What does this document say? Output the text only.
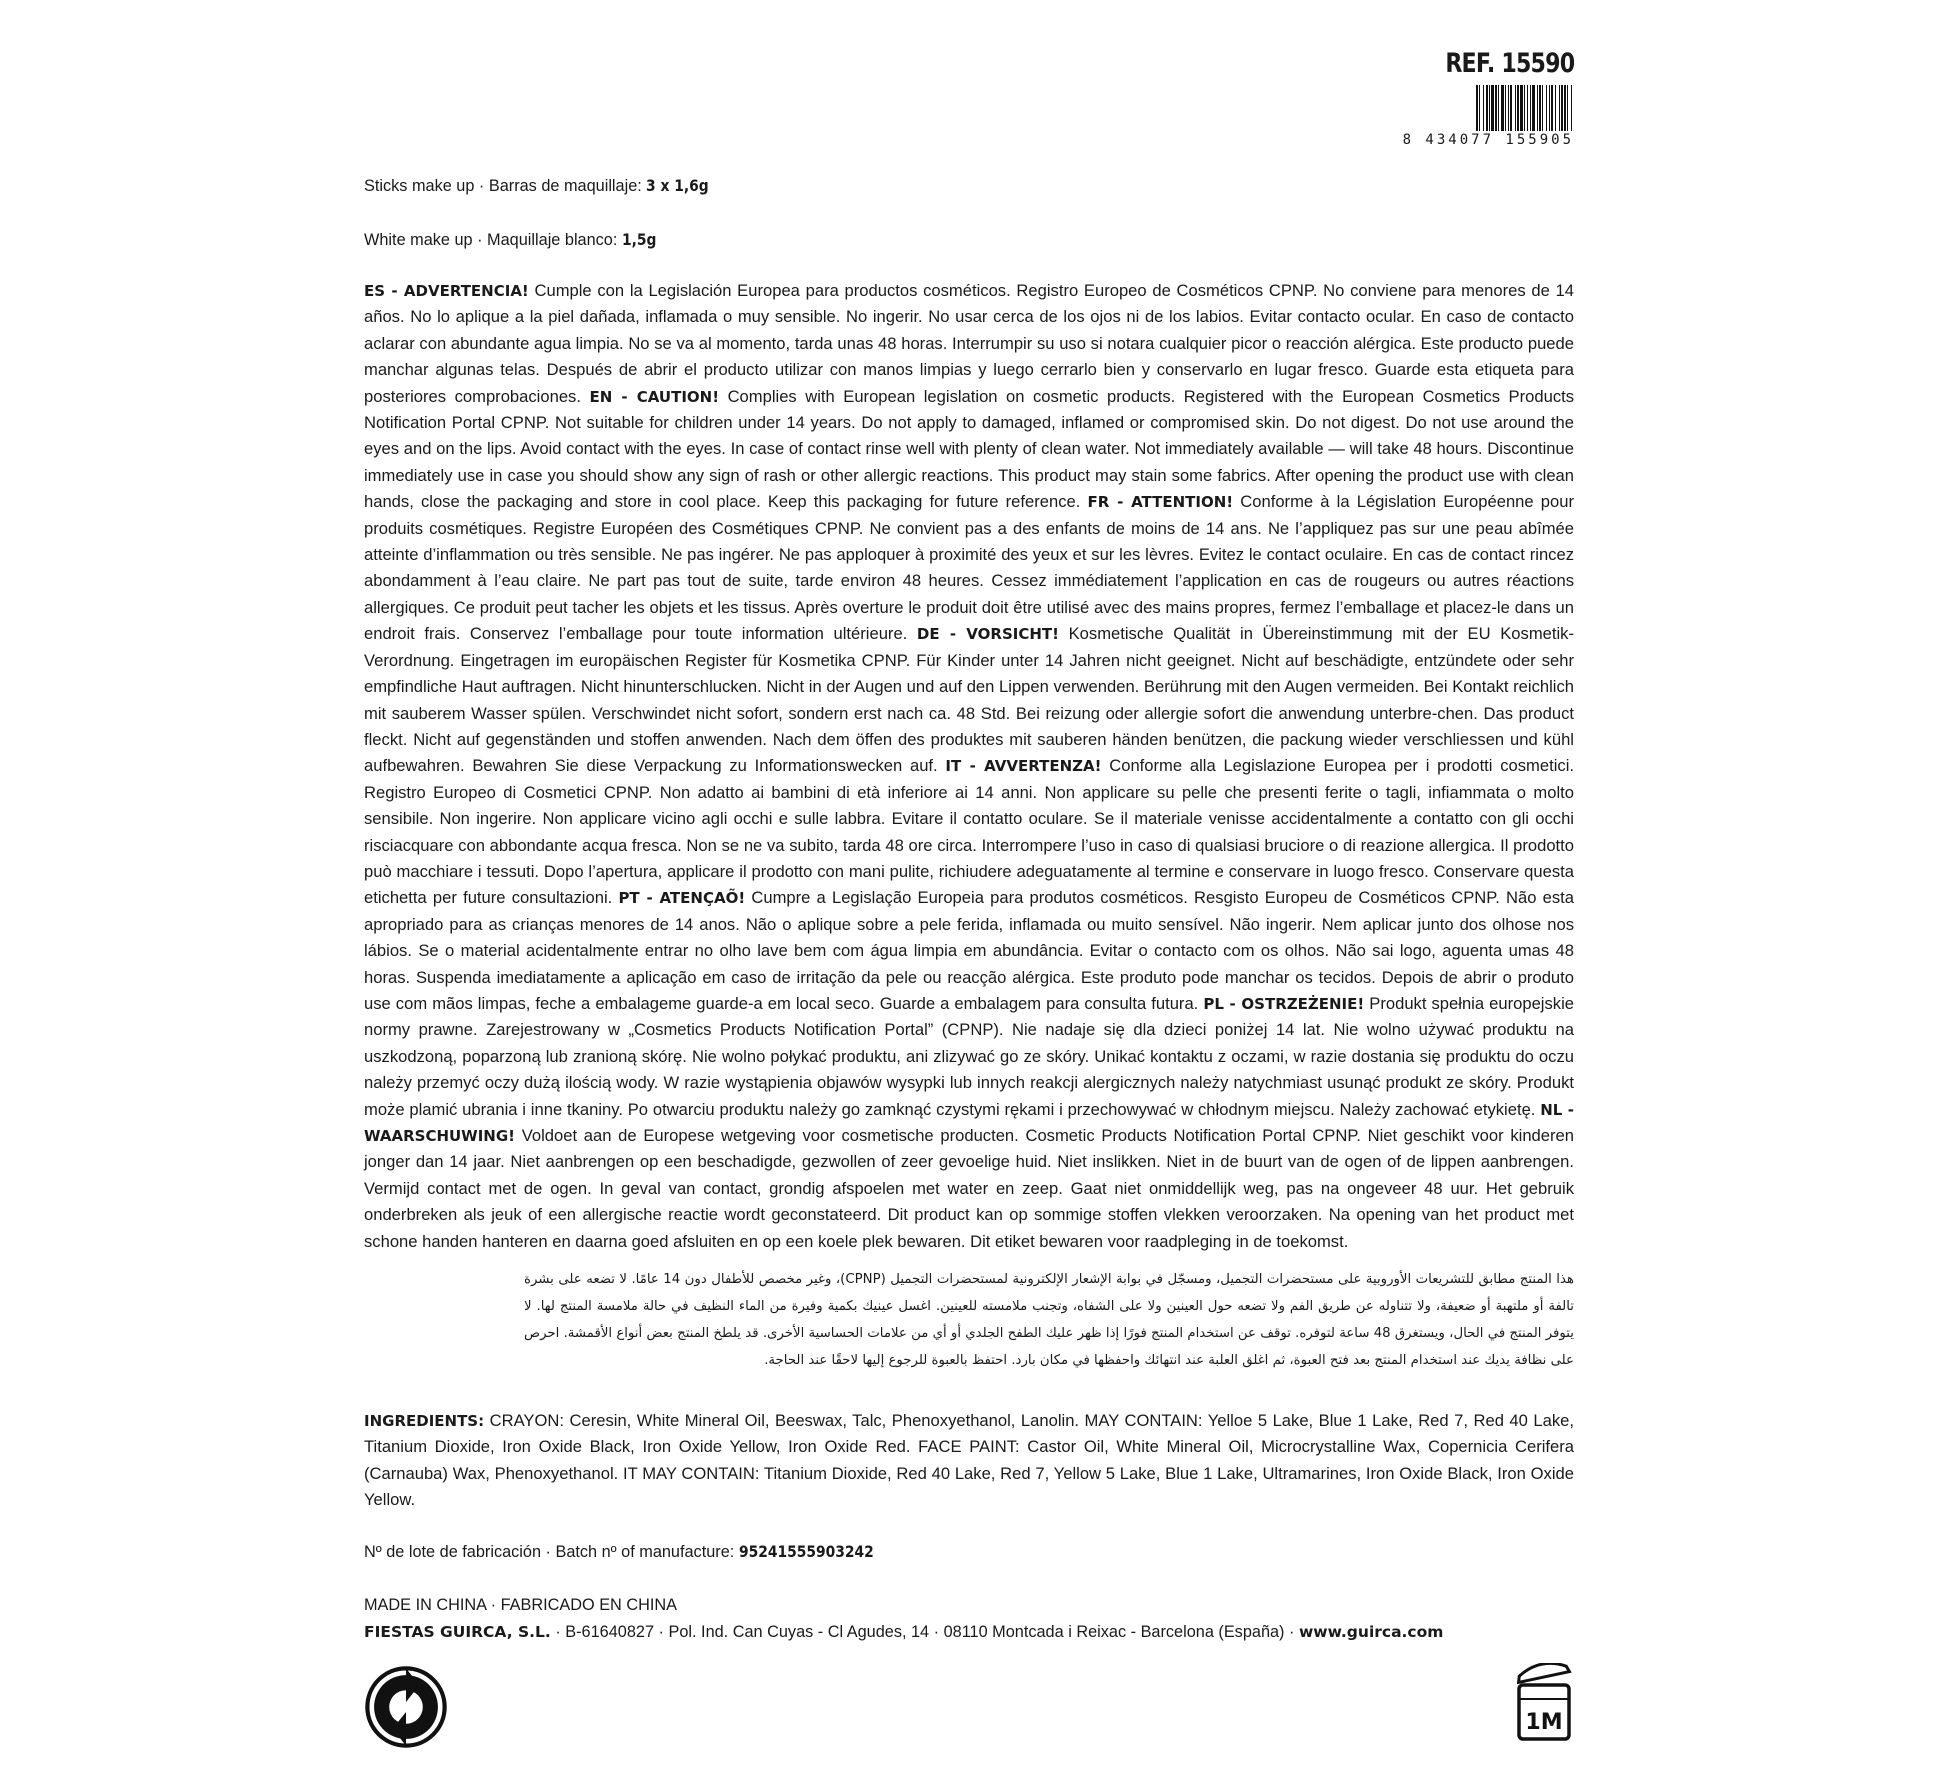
REF. 15590
8 434077 155905
Sticks make up · Barras de maquillaje: 3 x 1,6g
White make up · Maquillaje blanco: 1,5g
ES - ADVERTENCIA! Cumple con la Legislación Europea para productos cosméticos. Registro Europeo de Cosméticos CPNP. No conviene para menores de 14 años. No lo aplique a la piel dañada, inflamada o muy sensible. No ingerir. No usar cerca de los ojos ni de los labios. Evitar contacto ocular. En caso de contacto aclarar con abundante agua limpia. No se va al momento, tarda unas 48 horas. Interrumpir su uso si notara cualquier picor o reacción alérgica. Este producto puede manchar algunas telas. Después de abrir el producto utilizar con manos limpias y luego cerrarlo bien y conservarlo en lugar fresco. Guarde esta etiqueta para posteriores comprobaciones. EN - CAUTION! Complies with European legislation on cosmetic products. Registered with the European Cosmetics Products Notification Portal CPNP. Not suitable for children under 14 years. Do not apply to damaged, inflamed or compromised skin. Do not digest. Do not use around the eyes and on the lips. Avoid contact with the eyes. In case of contact rinse well with plenty of clean water. Not immediately available — will take 48 hours. Discontinue immediately use in case you should show any sign of rash or other allergic reactions. This product may stain some fabrics. After opening the product use with clean hands, close the packaging and store in cool place. Keep this packaging for future reference. FR - ATTENTION! Conforme à la Législation Européenne pour produits cosmétiques. Registre Européen des Cosmétiques CPNP. Ne convient pas a des enfants de moins de 14 ans. Ne l’appliquez pas sur une peau abîmée atteinte d’inflammation ou très sensible. Ne pas ingérer. Ne pas apploquer à proximité des yeux et sur les lèvres. Evitez le contact oculaire. En cas de contact rincez abondamment à l’eau claire. Ne part pas tout de suite, tarde environ 48 heures. Cessez immédiatement l’application en cas de rougeurs ou autres réactions allergiques. Ce produit peut tacher les objets et les tissus. Après overture le produit doit être utilisé avec des mains propres, fermez l’emballage et placez-le dans un endroit frais. Conservez l’emballage pour toute information ultérieure. DE - VORSICHT! Kosmetische Qualität in Übereinstimmung mit der EU Kosmetik-Verordnung. Eingetragen im europäischen Register für Kosmetika CPNP. Für Kinder unter 14 Jahren nicht geeignet. Nicht auf beschädigte, entzündete oder sehr empfindliche Haut auftragen. Nicht hinunterschlucken. Nicht in der Augen und auf den Lippen verwenden. Berührung mit den Augen vermeiden. Bei Kontakt reichlich mit sauberem Wasser spülen. Verschwindet nicht sofort, sondern erst nach ca. 48 Std. Bei reizung oder allergie sofort die anwendung unterbre-chen. Das product fleckt. Nicht auf gegenständen und stoffen anwenden. Nach dem öffen des produktes mit sauberen händen benützen, die packung wieder verschliessen und kühl aufbewahren. Bewahren Sie diese Verpackung zu Informationswecken auf. IT - AVVERTENZA! Conforme alla Legislazione Europea per i prodotti cosmetici. Registro Europeo di Cosmetici CPNP. Non adatto ai bambini di età inferiore ai 14 anni. Non applicare su pelle che presenti ferite o tagli, infiammata o molto sensibile. Non ingerire. Non applicare vicino agli occhi e sulle labbra. Evitare il contatto oculare. Se il materiale venisse accidentalmente a contatto con gli occhi risciacquare con abbondante acqua fresca. Non se ne va subito, tarda 48 ore circa. Interrompere l’uso in caso di qualsiasi bruciore o di reazione allergica. Il prodotto può macchiare i tessuti. Dopo l’apertura, applicare il prodotto con mani pulite, richiudere adeguatamente al termine e conservare in luogo fresco. Conservare questa etichetta per future consultazioni. PT - ATENÇAÕ! Cumpre a Legislação Europeia para produtos cosméticos. Resgisto Europeu de Cosméticos CPNP. Não esta apropriado para as crianças menores de 14 anos. Não o aplique sobre a pele ferida, inflamada ou muito sensível. Não ingerir. Nem aplicar junto dos olhose nos lábios. Se o material acidentalmente entrar no olho lave bem com água limpia em abundância. Evitar o contacto com os olhos. Não sai logo, aguenta umas 48 horas. Suspenda imediatamente a aplicação em caso de irritação da pele ou reacção alérgica. Este produto pode manchar os tecidos. Depois de abrir o produto use com mãos limpas, feche a embalageme guarde-a em local seco. Guarde a embalagem para consulta futura. PL - OSTRZEŻENIE! Produkt spełnia europejskie normy prawne. Zarejestrowany w „Cosmetics Products Notification Portal” (CPNP). Nie nadaje się dla dzieci poniżej 14 lat. Nie wolno używać produktu na uszkodzoną, poparzoną lub zranioną skórę. Nie wolno połykać produktu, ani zlizywać go ze skóry. Unikać kontaktu z oczami, w razie dostania się produktu do oczu należy przemyć oczy dużą ilością wody. W razie wystąpienia objawów wysypki lub innych reakcji alergicznych należy natychmiast usunąć produkt ze skóry. Produkt może plamić ubrania i inne tkaniny. Po otwarciu produktu należy go zamknąć czystymi rękami i przechowywać w chłodnym miejscu. Należy zachować etykietę. NL - WAARSCHUWING! Voldoet aan de Europese wetgeving voor cosmetische producten. Cosmetic Products Notification Portal CPNP. Niet geschikt voor kinderen jonger dan 14 jaar. Niet aanbrengen op een beschadigde, gezwollen of zeer gevoelige huid. Niet inslikken. Niet in de buurt van de ogen of de lippen aanbrengen. Vermijd contact met de ogen. In geval van contact, grondig afspoelen met water en zeep. Gaat niet onmiddellijk weg, pas na ongeveer 48 uur. Het gebruik onderbreken als jeuk of een allergische reactie wordt geconstateerd. Dit product kan op sommige stoffen vlekken veroorzaken. Na opening van het product met schone handen hanteren en daarna goed afsluiten en op een koele plek bewaren. Dit etiket bewaren voor raadpleging in de toekomst.
هذا المنتج مطابق للتشريعات الأوروبية على مستحضرات التجميل، ومسجّل في بوابة الإشعار الإلكترونية لمستحضرات التجميل (CPNP)، وغير مخصص للأطفال دون 14 عامًا. لا تضعه على بشرة تالفة أو ملتهبة أو ضعيفة، ولا تتناوله عن طريق الفم ولا تضعه حول العينين ولا على الشفاه، وتجنب ملامسته للعينين. اغسل عينيك بكمية وفيرة من الماء النظيف في حالة ملامسة المنتج لها. لا يتوفر المنتج في الحال، ويستغرق 48 ساعة لتوفره. توقف عن استخدام المنتج فورًا إذا ظهر عليك الطفح الجلدي أو أي من علامات الحساسية الأخرى. قد يلطخ المنتج بعض أنواع الأقمشة. احرص على نظافة يديك عند استخدام المنتج بعد فتح العبوة، ثم اغلق العلبة عند انتهائك واحفظها في مكان بارد. احتفظ بالعبوة للرجوع إليها لاحقًا عند الحاجة.
INGREDIENTS: CRAYON: Ceresin, White Mineral Oil, Beeswax, Talc, Phenoxyethanol, Lanolin. MAY CONTAIN: Yelloe 5 Lake, Blue 1 Lake, Red 7, Red 40 Lake, Titanium Dioxide, Iron Oxide Black, Iron Oxide Yellow, Iron Oxide Red. FACE PAINT: Castor Oil, White Mineral Oil, Microcrystalline Wax, Copernicia Cerifera (Carnauba) Wax, Phenoxyethanol. IT MAY CONTAIN: Titanium Dioxide, Red 40 Lake, Red 7, Yellow 5 Lake, Blue 1 Lake, Ultramarines, Iron Oxide Black, Iron Oxide Yellow.
Nº de lote de fabricación · Batch nº of manufacture: 95241555903242
MADE IN CHINA · FABRICADO EN CHINA
FIESTAS GUIRCA, S.L. · B-61640827 · Pol. Ind. Can Cuyas - Cl Agudes, 14 · 08110 Montcada i Reixac - Barcelona (España) · www.guirca.com
1M
